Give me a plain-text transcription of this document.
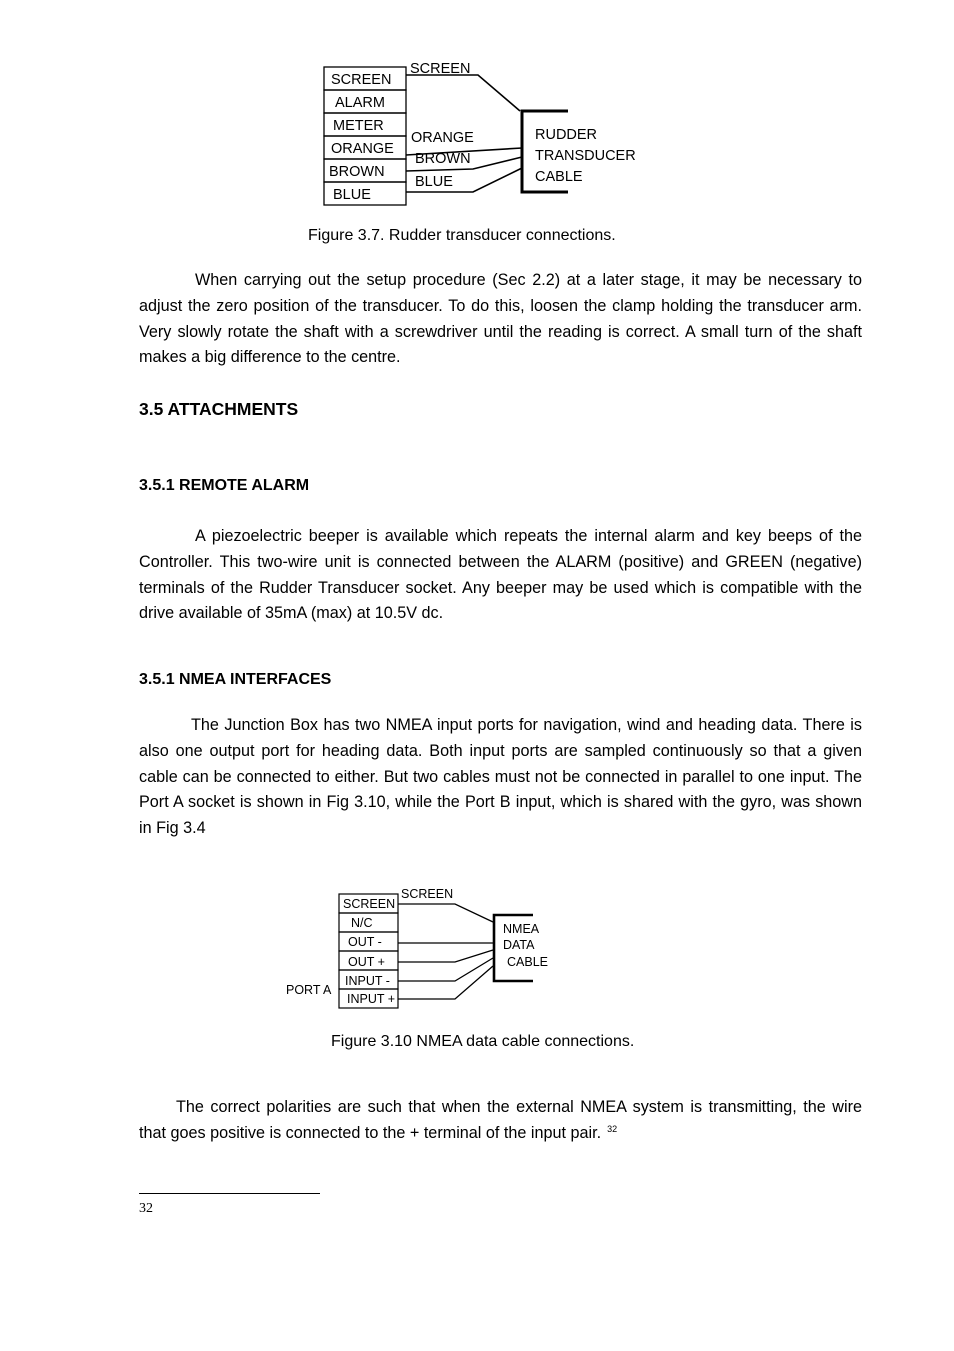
SCREEN
ALARM
METER
ORANGE
BROWN
BLUE
SCREEN
ORANGE
BROWN
BLUE
RUDDER
TRANSDUCER
CABLE
Figure 3.7. Rudder transducer connections.
When carrying out the setup procedure (Sec 2.2) at a later stage, it may be necessary to adjust the zero position of the transducer. To do this, loosen the clamp holding the transducer arm. Very slowly rotate the shaft with a screwdriver until the reading is correct. A small turn of the shaft makes a big difference to the centre.
3.5 ATTACHMENTS
3.5.1 REMOTE ALARM
A piezoelectric beeper is available which repeats the internal alarm and key beeps of the Controller. This two-wire unit is connected between the ALARM (positive) and GREEN (negative) terminals of the Rudder Transducer socket. Any beeper may be used which is compatible with the drive available of 35mA (max) at 10.5V dc.
3.5.1 NMEA INTERFACES
The Junction Box has two NMEA input ports for navigation, wind and heading data. There is also one output port for heading data. Both input ports are sampled continuously so that a given cable can be connected to either. But two cables must not be connected in parallel to one input. The Port A socket is shown in Fig 3.10, while the Port B input, which is shared with the gyro, was shown in Fig 3.4
SCREEN
N/C
OUT -
OUT +
INPUT -
INPUT +
PORT A
SCREEN
NMEA
DATA
CABLE
Figure 3.10 NMEA data cable connections.
The correct polarities are such that when the external NMEA system is transmitting, the wire that goes positive is connected to the + terminal of the input pair. $^{32}$
32
